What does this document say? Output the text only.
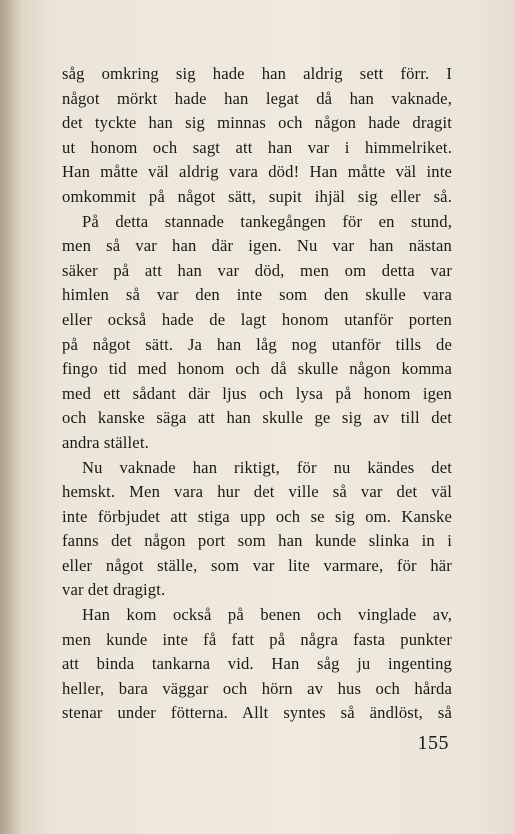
såg omkring sig hade han aldrig sett förr. I
något mörkt hade han legat då han vaknade,
det tyckte han sig minnas och någon hade dragit
ut honom och sagt att han var i himmelriket.
Han måtte väl aldrig vara död! Han måtte väl inte
omkommit på något sätt, supit ihjäl sig eller så.
På detta stannade tankegången för en stund,
men så var han där igen. Nu var han nästan
säker på att han var död, men om detta var
himlen så var den inte som den skulle vara
eller också hade de lagt honom utanför porten
på något sätt. Ja han låg nog utanför tills de
fingo tid med honom och då skulle någon komma
med ett sådant där ljus och lysa på honom igen
och kanske säga att han skulle ge sig av till det
andra stället.
Nu vaknade han riktigt, för nu kändes det
hemskt. Men vara hur det ville så var det väl
inte förbjudet att stiga upp och se sig om. Kanske
fanns det någon port som han kunde slinka in i
eller något ställe, som var lite varmare, för här
var det dragigt.
Han kom också på benen och vinglade av,
men kunde inte få fatt på några fasta punkter
att binda tankarna vid. Han såg ju ingenting
heller, bara väggar och hörn av hus och hårda
stenar under fötterna. Allt syntes så ändlöst, så
155
